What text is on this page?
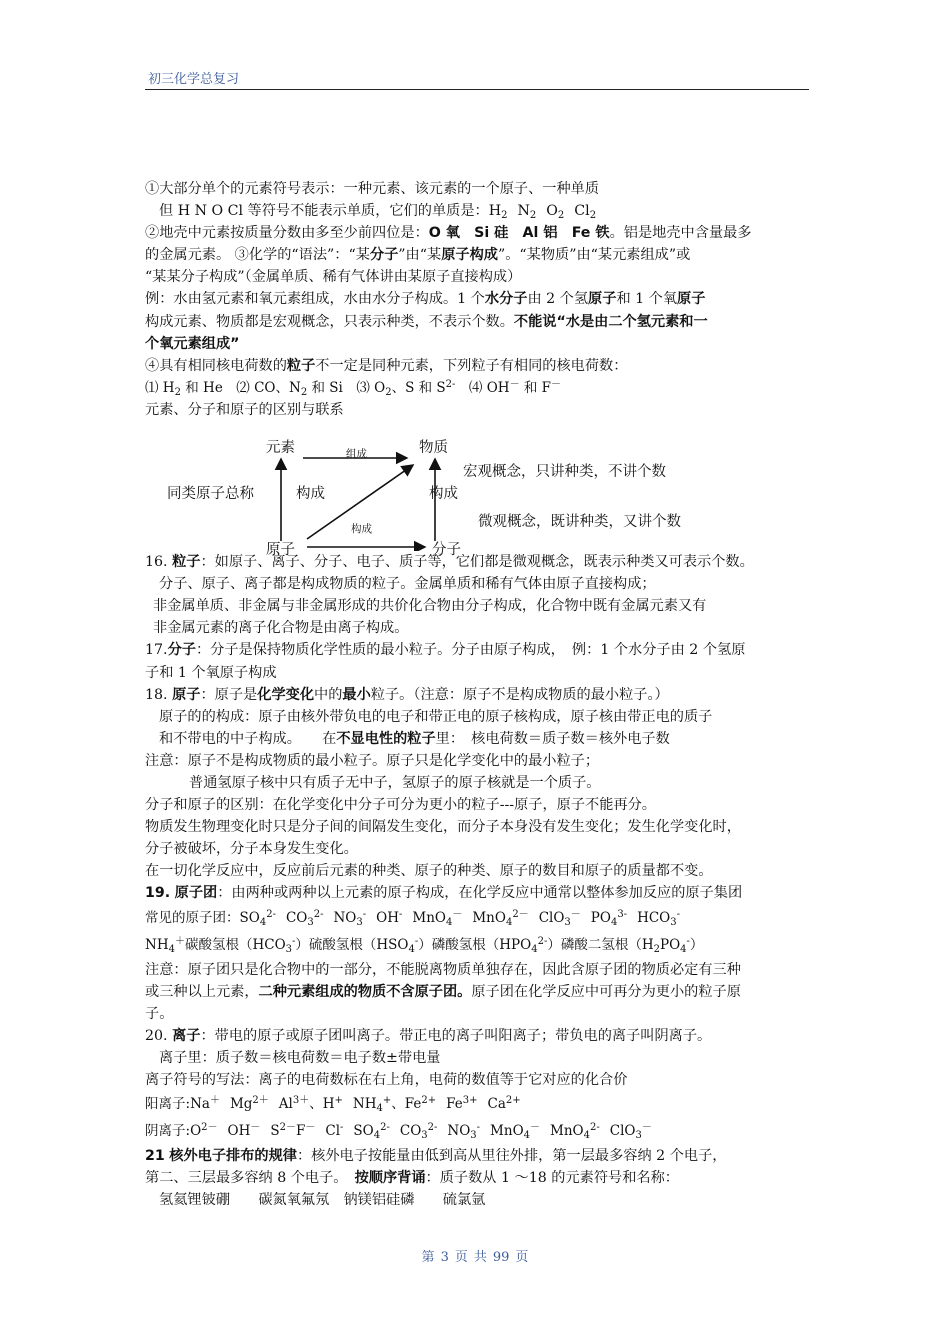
初三化学总复习
①大部分单个的元素符号表示：一种元素、该元素的一个原子、一种单质
但 H N O Cl 等符号不能表示单质，它们的单质是：$H_2$ $N_2$ $O_2$ $Cl_2$
②地壳中元素按质量分数由多至少前四位是：O 氧　Si 硅　Al 铝　Fe 铁。铝是地壳中含量最多
的金属元素。 ③化学的“语法”：“某分子”由“某原子构成”。“某物质”由“某元素组成”或
“某某分子构成”（金属单质、稀有气体讲由某原子直接构成）
例：水由氢元素和氧元素组成，水由水分子构成。1 个水分子由 2 个氢原子和 1 个氧原子
构成元素、物质都是宏观概念，只表示种类，不表示个数。不能说“水是由二个氢元素和一
个氧元素组成”
④具有相同核电荷数的粒子不一定是同种元素，下列粒子有相同的核电荷数：
⑴ $H_2$ 和 He　⑵ CO、$N_2$ 和 Si　⑶ $O_2$、S 和 $S^{2-}$　⑷ OH－ 和 F－
元素、分子和原子的区别与联系
元素	物质
原子	分子
组成
构成
同类原子总称	构成	构成
宏观概念，只讲种类，不讲个数
微观概念，既讲种类，又讲个数
16. 粒子：如原子、离子、分子、电子、质子等，它们都是微观概念，既表示种类又可表示个数。
分子、原子、离子都是构成物质的粒子。金属单质和稀有气体由原子直接构成；
非金属单质、非金属与非金属形成的共价化合物由分子构成，化合物中既有金属元素又有
非金属元素的离子化合物是由离子构成。
17.分子：分子是保持物质化学性质的最小粒子。分子由原子构成，　例：1 个水分子由 2 个氢原
子和 1 个氧原子构成
18. 原子：原子是化学变化中的最小粒子。（注意：原子不是构成物质的最小粒子。）
原子的的构成：原子由核外带负电的电子和带正电的原子核构成，原子核由带正电的质子
和不带电的中子构成。　　在不显电性的粒子里：　核电荷数＝质子数＝核外电子数
注意：原子不是构成物质的最小粒子。原子只是化学变化中的最小粒子；
普通氢原子核中只有质子无中子，氢原子的原子核就是一个质子。
分子和原子的区别：在化学变化中分子可分为更小的粒子---原子，原子不能再分。
物质发生物理变化时只是分子间的间隔发生变化，而分子本身没有发生变化；发生化学变化时，
分子被破坏，分子本身发生变化。
在一切化学反应中，反应前后元素的种类、原子的种类、原子的数目和原子的质量都不变。
19. 原子团：由两种或两种以上元素的原子构成，在化学反应中通常以整体参加反应的原子集团
常见的原子团：$SO_4^{2-}$ $CO_3^{2-}$ $NO_3^-$ OH- MnO$_4$－ MnO$_4^{2-}$ ClO$_3$－ $PO_4^{3-}$ $HCO_3^-$
$NH_4^+$碳酸氢根$(HCO_3^-)$硫酸氢根$(HSO_4^-)$磷酸氢根$(HPO_4^{2-})$磷酸二氢根$(H_2PO_4^-)$
注意：原子团只是化合物中的一部分，不能脱离物质单独存在，因此含原子团的物质必定有三种
或三种以上元素，二种元素组成的物质不含原子团。原子团在化学反应中可再分为更小的粒子原
子。
20. 离子：带电的原子或原子团叫离子。带正电的离子叫阳离子；带负电的离子叫阴离子。
离子里：质子数＝核电荷数＝电子数±带电量
离子符号的写法：离子的电荷数标在右上角，电荷的数值等于它对应的化合价
阳离子:Na＋ $Mg^{2+}$ $Al^{3+}$、H+ $NH_4^+$、$Fe^{2+}$ $Fe^{3+}$ $Ca^{2+}$
阴离子$:O^{2-}$ OH－ $S^{2-}F^-$ Cl- $SO_4^{2-}$ $CO_3^{2-}$ $NO_3^-$ MnO$_4$－ MnO$_4^{2-}$ ClO$_3$－
21 核外电子排布的规律：核外电子按能量由低到高从里往外排，第一层最多容纳 2 个电子，
第二、三层最多容纳 8 个电子。　按顺序背诵：质子数从 1 ～18 的元素符号和名称：
氢氦锂铍硼　　碳氮氧氟氖　钠镁铝硅磷　　硫氯氩
第 3 页 共 99 页
